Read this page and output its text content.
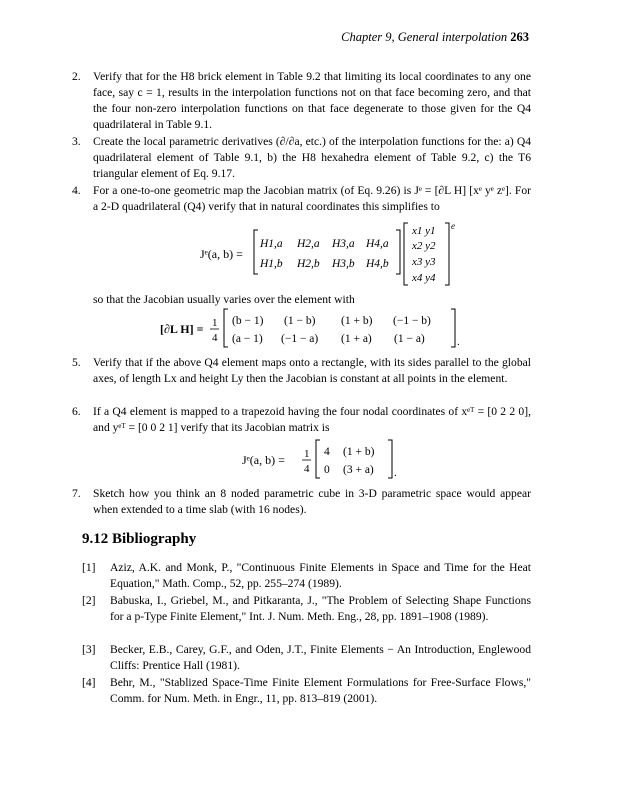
Chapter 9, General interpolation 263
2. Verify that for the H8 brick element in Table 9.2 that limiting its local coordinates to any one face, say c = 1, results in the interpolation functions not on that face becoming zero, and that the four non-zero interpolation functions on that face degenerate to those given for the Q4 quadrilateral in Table 9.1.
3. Create the local parametric derivatives (∂/∂a, etc.) of the interpolation functions for the: a) Q4 quadrilateral element of Table 9.1, b) the H8 hexahedra element of Table 9.2, c) the T6 triangular element of Eq. 9.17.
4. For a one-to-one geometric map the Jacobian matrix (of Eq. 9.26) is Jᵉ = [∂L H] [xᵉ yᵉ zᵉ]. For a 2-D quadrilateral (Q4) verify that in natural coordinates this simplifies to
Jᵉ(a, b) =
H1,a H2,a H3,a H4,a
H1,b H2,b H3,b H4,b
x1 y1
x2 y2
x3 y3
x4 y4
e
so that the Jacobian usually varies over the element with
[∂L H] = 1
4
(b − 1) (1 − b) (1 + b) (−1 − b)
(a − 1) (−1 − a) (1 + a) (1 − a)	.
5. Verify that if the above Q4 element maps onto a rectangle, with its sides parallel to the global axes, of length Lx and height Ly then the Jacobian is constant at all points in the element.
6. If a Q4 element is mapped to a trapezoid having the four nodal coordinates of xᵉᵀ = [0 2 2 0], and yᵉᵀ = [0 0 2 1] verify that its Jacobian matrix is
Jᵉ(a, b) = 1
4
4 (1 + b)
0 (3 + a) .
7. Sketch how you think an 8 noded parametric cube in 3-D parametric space would appear when extended to a time slab (with 16 nodes).
9.12 Bibliography
[1] Aziz, A.K. and Monk, P., "Continuous Finite Elements in Space and Time for the Heat Equation," Math. Comp., 52, pp. 255–274 (1989).
[2] Babuska, I., Griebel, M., and Pitkaranta, J., "The Problem of Selecting Shape Functions for a p-Type Finite Element," Int. J. Num. Meth. Eng., 28, pp. 1891–1908 (1989).
[3] Becker, E.B., Carey, G.F., and Oden, J.T., Finite Elements − An Introduction, Englewood Cliffs: Prentice Hall (1981).
[4] Behr, M., "Stablized Space-Time Finite Element Formulations for Free-Surface Flows," Comm. for Num. Meth. in Engr., 11, pp. 813–819 (2001).
